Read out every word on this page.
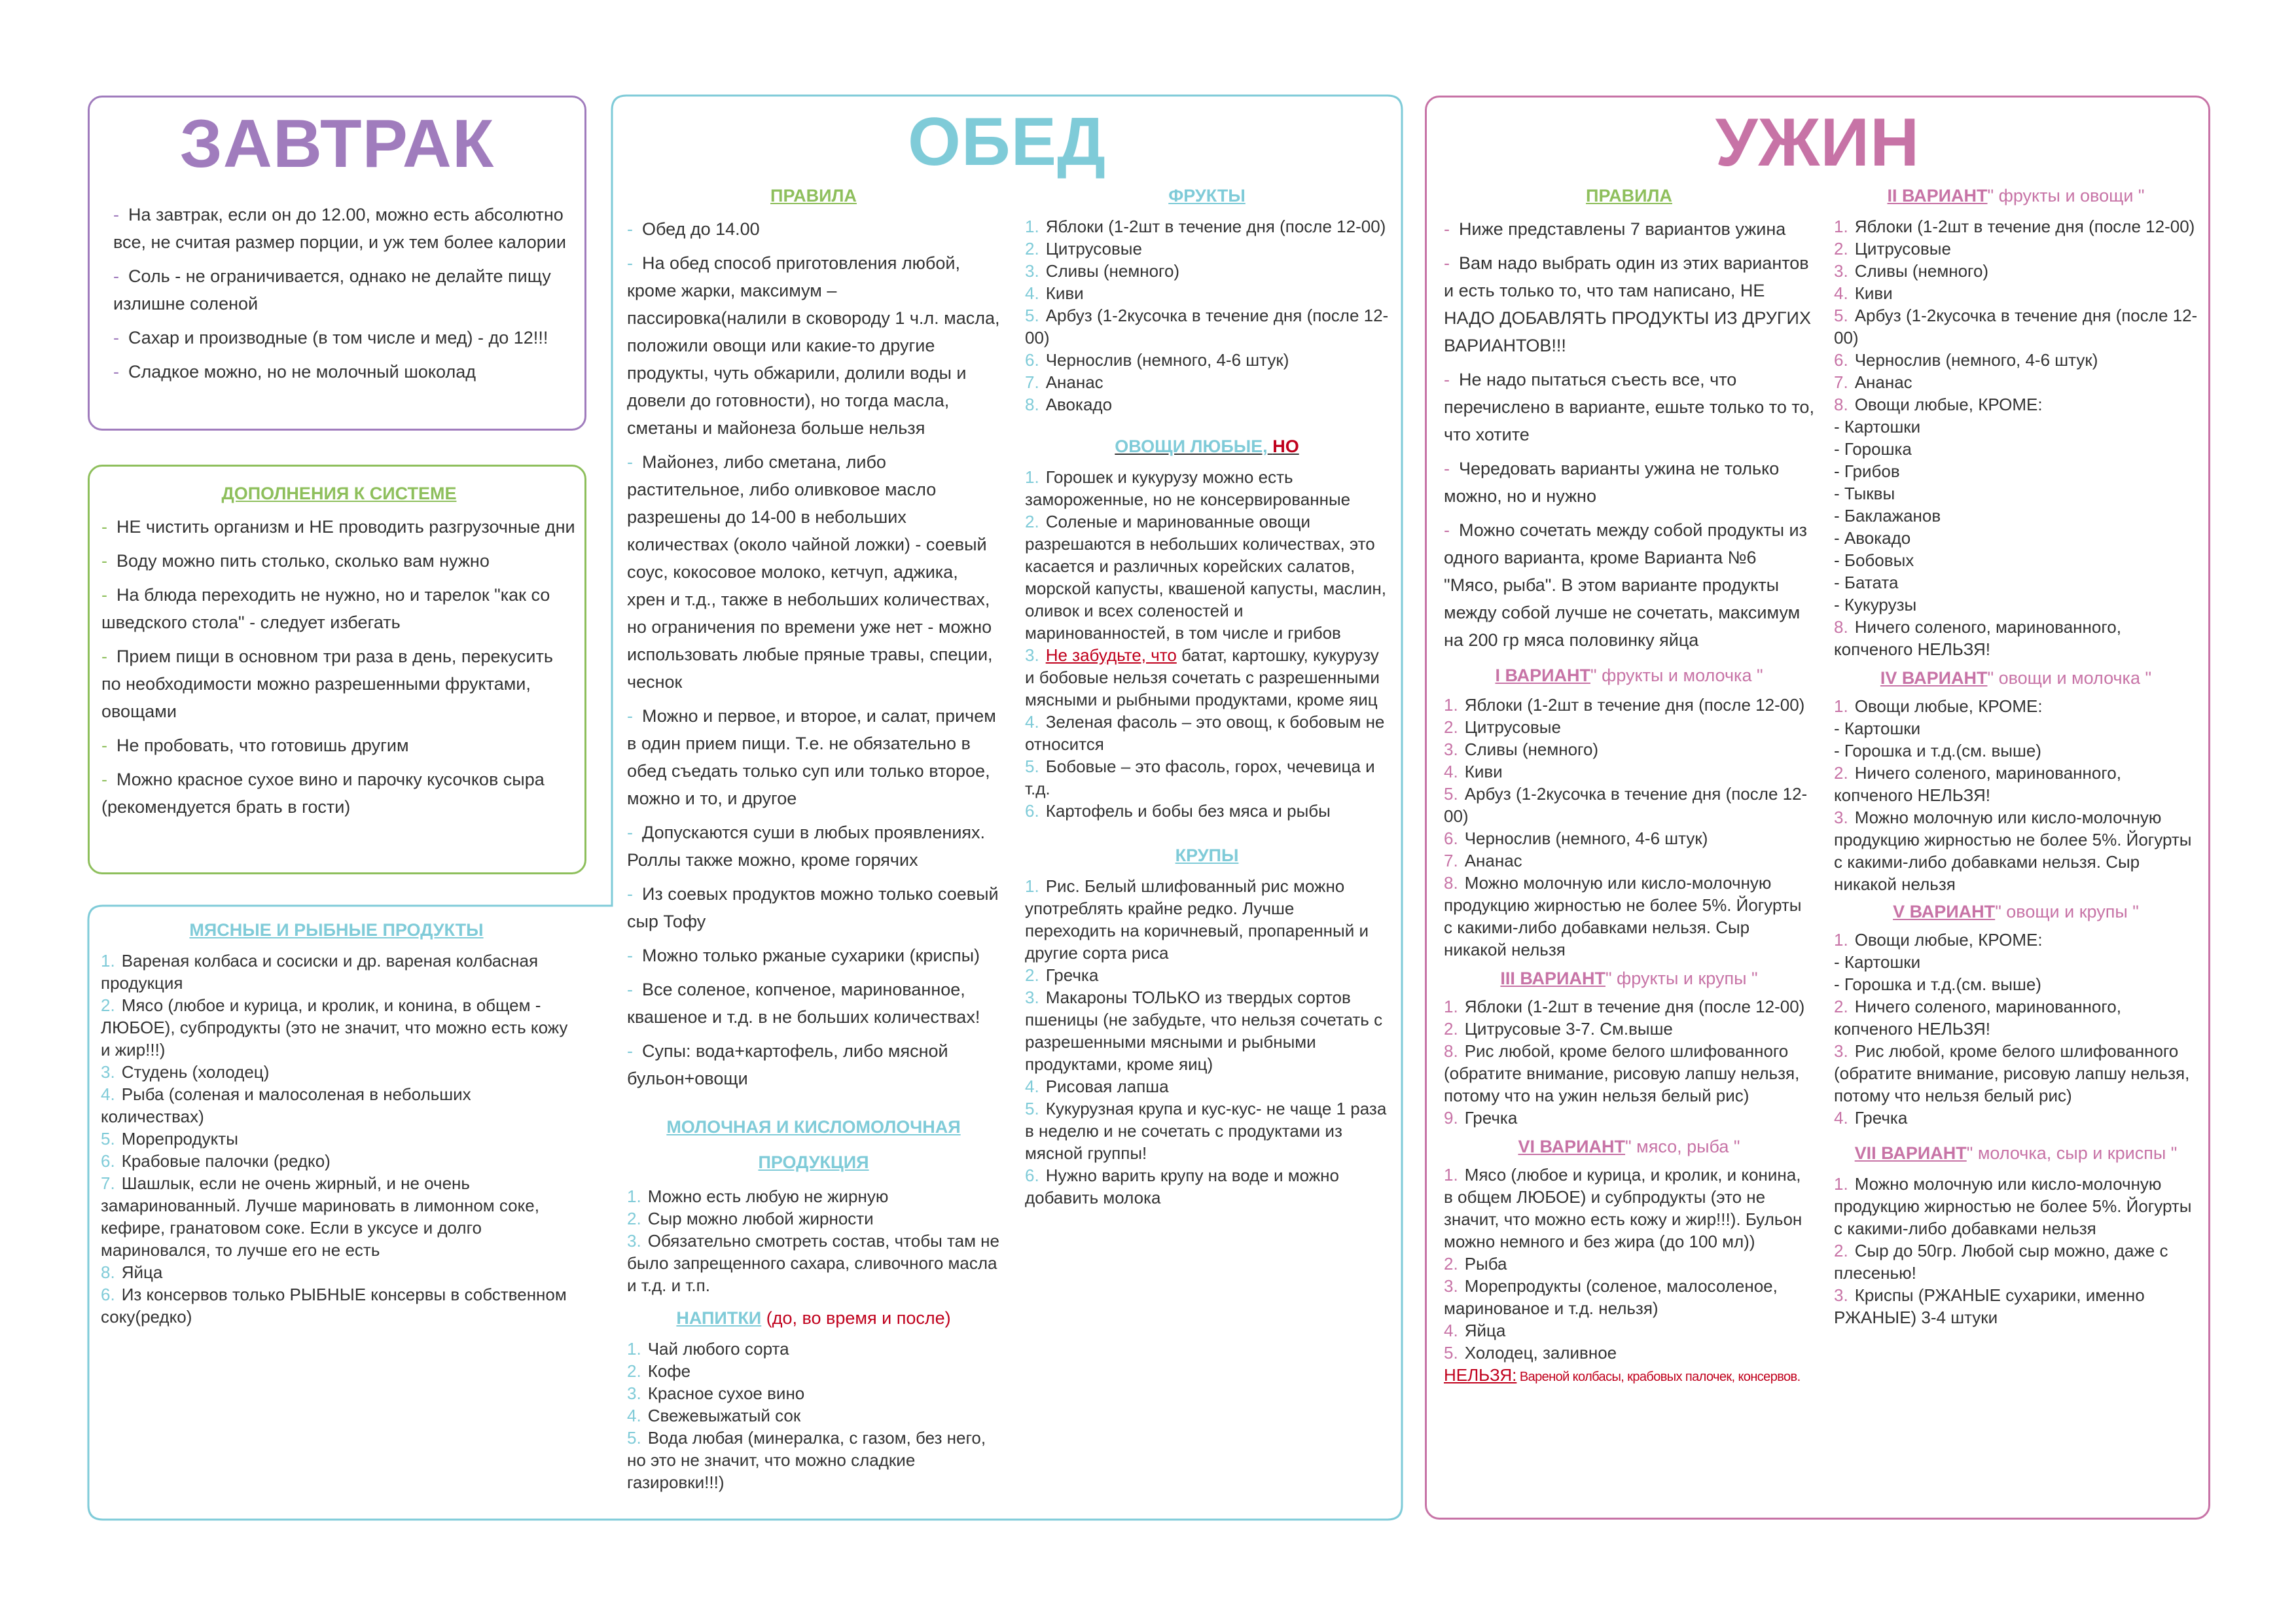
ЗАВТРАК
- На завтрак, если он до 12.00, можно есть абсолютно все, не считая размер порции, и уж тем более калории
- Соль - не ограничивается, однако не делайте пищу излишне соленой
- Сахар и производные (в том числе и мед) - до 12!!!
- Сладкое можно, но не молочный шоколад
ДОПОЛНЕНИЯ К СИСТЕМЕ
- НЕ чистить организм и НЕ проводить разгрузочные дни
- Воду можно пить столько, сколько вам нужно
- На блюда переходить не нужно, но и тарелок "как со шведского стола" - следует избегать
- Прием пищи в основном три раза в день, перекусить по необходимости можно разрешенными фруктами, овощами
- Не пробовать, что готовишь другим
- Можно красное сухое вино и парочку кусочков сыра (рекомендуется брать в гости)
ОБЕД
МЯСНЫЕ И РЫБНЫЕ ПРОДУКТЫ
1. Вареная колбаса и сосиски и др. вареная колбасная продукция
2. Мясо (любое и курица, и кролик, и конина, в общем - ЛЮБОЕ), субпродукты (это не значит, что можно есть кожу и жир!!!)
3. Студень (холодец)
4. Рыба (соленая и малосоленая в небольших количествах)
5. Морепродукты
6. Крабовые палочки (редко)
7. Шашлык, если не очень жирный, и не очень замаринованный. Лучше мариновать в лимонном соке, кефире, гранатовом соке. Если в уксусе и долго мариновался, то лучше его не есть
8. Яйца
6. Из консервов только РЫБНЫЕ консервы в собственном соку(редко)
ПРАВИЛА
- Обед до 14.00
- На обед способ приготовления любой, кроме жарки, максимум – пассировка(налили в сковороду 1 ч.л. масла, положили овощи или какие-то другие продукты, чуть обжарили, долили воды и довели до готовности), но тогда масла, сметаны и майонеза больше нельзя
- Майонез, либо сметана, либо растительное, либо оливковое масло разрешены до 14-00 в небольших количествах (около чайной ложки) - соевый соус, кокосовое молоко, кетчуп, аджика, хрен и т.д., также в небольших количествах, но ограничения по времени уже нет - можно использовать любые пряные травы, специи, чеснок
- Можно и первое, и второе, и салат, причем в один прием пищи. Т.е. не обязательно в обед съедать только суп или только второе, можно и то, и другое
- Допускаются суши в любых проявлениях. Роллы также можно, кроме горячих
- Из соевых продуктов можно только соевый сыр Тофу
- Можно только ржаные сухарики (криспы)
- Все соленое, копченое, маринованное, квашеное и т.д. в не больших количествах!
- Супы: вода+картофель, либо мясной бульон+овощи
МОЛОЧНАЯ И КИСЛОМОЛОЧНАЯ
ПРОДУКЦИЯ
1. Можно есть любую не жирную
2. Сыр можно любой жирности
3. Обязательно смотреть состав, чтобы там не было запрещенного сахара, сливочного масла и т.д. и т.п.
НАПИТКИ (до, во время и после)
1. Чай любого сорта
2. Кофе
3. Красное сухое вино
4. Свежевыжатый сок
5. Вода любая (минералка, с газом, без него, но это не значит, что можно сладкие газировки!!!)
ФРУКТЫ
1. Яблоки (1-2шт в течение дня (после 12-00)
2. Цитрусовые
3. Сливы (немного)
4. Киви
5. Арбуз (1-2кусочка в течение дня (после 12-00)
6. Чернослив (немного, 4-6 штук)
7. Ананас
8. Авокадо
ОВОЩИ ЛЮБЫЕ, НО
1. Горошек и кукурузу можно есть замороженные, но не консервированные
2. Соленые и маринованные овощи разрешаются в небольших количествах, это касается и различных корейских салатов, морской капусты, квашеной капусты, маслин, оливок и всех соленостей и маринованностей, в том числе и грибов
3. Не забудьте, что батат, картошку, кукурузу и бобовые нельзя сочетать с разрешенными мясными и рыбными продуктами, кроме яиц
4. Зеленая фасоль – это овощ, к бобовым не относится
5. Бобовые – это фасоль, горох, чечевица и т.д.
6. Картофель и бобы без мяса и рыбы
КРУПЫ
1. Рис. Белый шлифованный рис можно употреблять крайне редко. Лучше переходить на коричневый, пропаренный и другие сорта риса
2. Гречка
3. Макароны ТОЛЬКО из твердых сортов пшеницы (не забудьте, что нельзя сочетать с разрешенными мясными и рыбными продуктами, кроме яиц)
4. Рисовая лапша
5. Кукурузная крупа и кус-кус- не чаще 1 раза в неделю и не сочетать с продуктами из мясной группы!
6. Нужно варить крупу на воде и можно добавить молока
УЖИН
ПРАВИЛА
- Ниже представлены 7 вариантов ужина
- Вам надо выбрать один из этих вариантов и есть только то, что там написано, НЕ НАДО ДОБАВЛЯТЬ ПРОДУКТЫ ИЗ ДРУГИХ ВАРИАНТОВ!!!
- Не надо пытаться съесть все, что перечислено в варианте, ешьте только то то, что хотите
- Чередовать варианты ужина не только можно, но и нужно
- Можно сочетать между собой продукты из одного варианта, кроме Варианта №6 "Мясо, рыба". В этом варианте продукты между собой лучше не сочетать, максимум на 200 гр мяса половинку яйца
I ВАРИАНТ" фрукты и молочка "
1. Яблоки (1-2шт в течение дня (после 12-00)
2. Цитрусовые
3. Сливы (немного)
4. Киви
5. Арбуз (1-2кусочка в течение дня (после 12-00)
6. Чернослив (немного, 4-6 штук)
7. Ананас
8. Можно молочную или кисло-молочную продукцию жирностью не более 5%. Йогурты с какими-либо добавками нельзя. Сыр никакой нельзя
III ВАРИАНТ" фрукты и крупы "
1. Яблоки (1-2шт в течение дня (после 12-00)
2. Цитрусовые 3-7. См.выше
8. Рис любой, кроме белого шлифованного (обратите внимание, рисовую лапшу нельзя, потому что на ужин нельзя белый рис)
9. Гречка
VI ВАРИАНТ" мясо, рыба "
1. Мясо (любое и курица, и кролик, и конина, в общем ЛЮБОЕ) и субпродукты (это не значит, что можно есть кожу и жир!!!). Бульон можно немного и без жира (до 100 мл))
2. Рыба
3. Морепродукты (соленое, малосоленое, маринованое и т.д. нельзя)
4. Яйца
5. Холодец, заливное
НЕЛЬЗЯ: Вареной колбасы, крабовых палочек, консервов.
II ВАРИАНТ" фрукты и овощи "
1. Яблоки (1-2шт в течение дня (после 12-00)
2. Цитрусовые
3. Сливы (немного)
4. Киви
5. Арбуз (1-2кусочка в течение дня (после 12-00)
6. Чернослив (немного, 4-6 штук)
7. Ананас
8. Овощи любые, КРОМЕ:
- Картошки
- Горошка
- Грибов
- Тыквы
- Баклажанов
- Авокадо
- Бобовых
- Батата
- Кукурузы
8. Ничего соленого, маринованного, копченого НЕЛЬЗЯ!
IV ВАРИАНТ" овощи и молочка "
1. Овощи любые, КРОМЕ:
- Картошки
- Горошка и т.д.(см. выше)
2. Ничего соленого, маринованного, копченого НЕЛЬЗЯ!
3. Можно молочную или кисло-молочную продукцию жирностью не более 5%. Йогурты с какими-либо добавками нельзя. Сыр никакой нельзя
V ВАРИАНТ" овощи и крупы "
1. Овощи любые, КРОМЕ:
- Картошки
- Горошка и т.д.(см. выше)
2. Ничего соленого, маринованного, копченого НЕЛЬЗЯ!
3. Рис любой, кроме белого шлифованного (обратите внимание, рисовую лапшу нельзя, потому что нельзя белый рис)
4. Гречка
VII ВАРИАНТ" молочка, сыр и криспы "
1. Можно молочную или кисло-молочную продукцию жирностью не более 5%. Йогурты с какими-либо добавками нельзя
2. Сыр до 50гр. Любой сыр можно, даже с плесенью!
3. Криспы (РЖАНЫЕ сухарики, именно РЖАНЫЕ) 3-4 штуки
